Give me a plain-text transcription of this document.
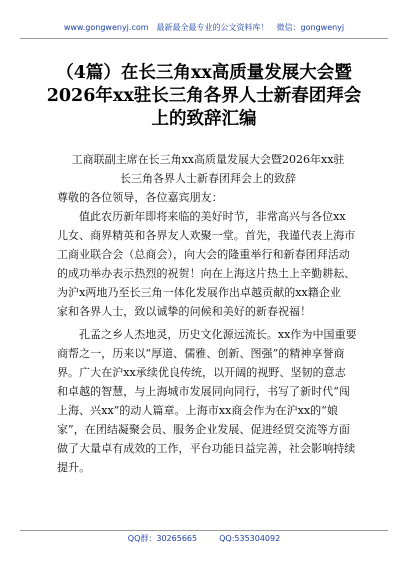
www.gongwenyj.com 最新最全最专业的公文资料库！ 微信：gongwenyj
（4篇）在长三角xx高质量发展大会暨
2026年xx驻长三角各界人士新春团拜会
上的致辞汇编
工商联副主席在长三角xx高质量发展大会暨2026年xx驻
长三角各界人士新春团拜会上的致辞
尊敬的各位领导，各位嘉宾朋友：
值此农历新年即将来临的美好时节，非常高兴与各位xx
儿女、商界精英和各界友人欢聚一堂。首先，我谨代表上海市
工商业联合会（总商会），向大会的隆重举行和新春团拜活动
的成功举办表示热烈的祝贺！向在上海这片热土上辛勤耕耘、
为沪x两地乃至长三角一体化发展作出卓越贡献的xx籍企业
家和各界人士，致以诚挚的问候和美好的新春祝福！
孔孟之乡人杰地灵，历史文化源远流长。xx作为中国重要
商帮之一，历来以“厚道、儒雅、创新、图强”的精神享誉商
界。广大在沪xx承续优良传统，以开阔的视野、坚韧的意志
和卓越的智慧，与上海城市发展同向同行，书写了新时代“闯
上海、兴xx”的动人篇章。上海市xx商会作为在沪xx的“娘
家”，在团结凝聚会员、服务企业发展、促进经贸交流等方面
做了大量卓有成效的工作，平台功能日益完善，社会影响持续
提升。
QQ群：30265665	QQ:535304092
